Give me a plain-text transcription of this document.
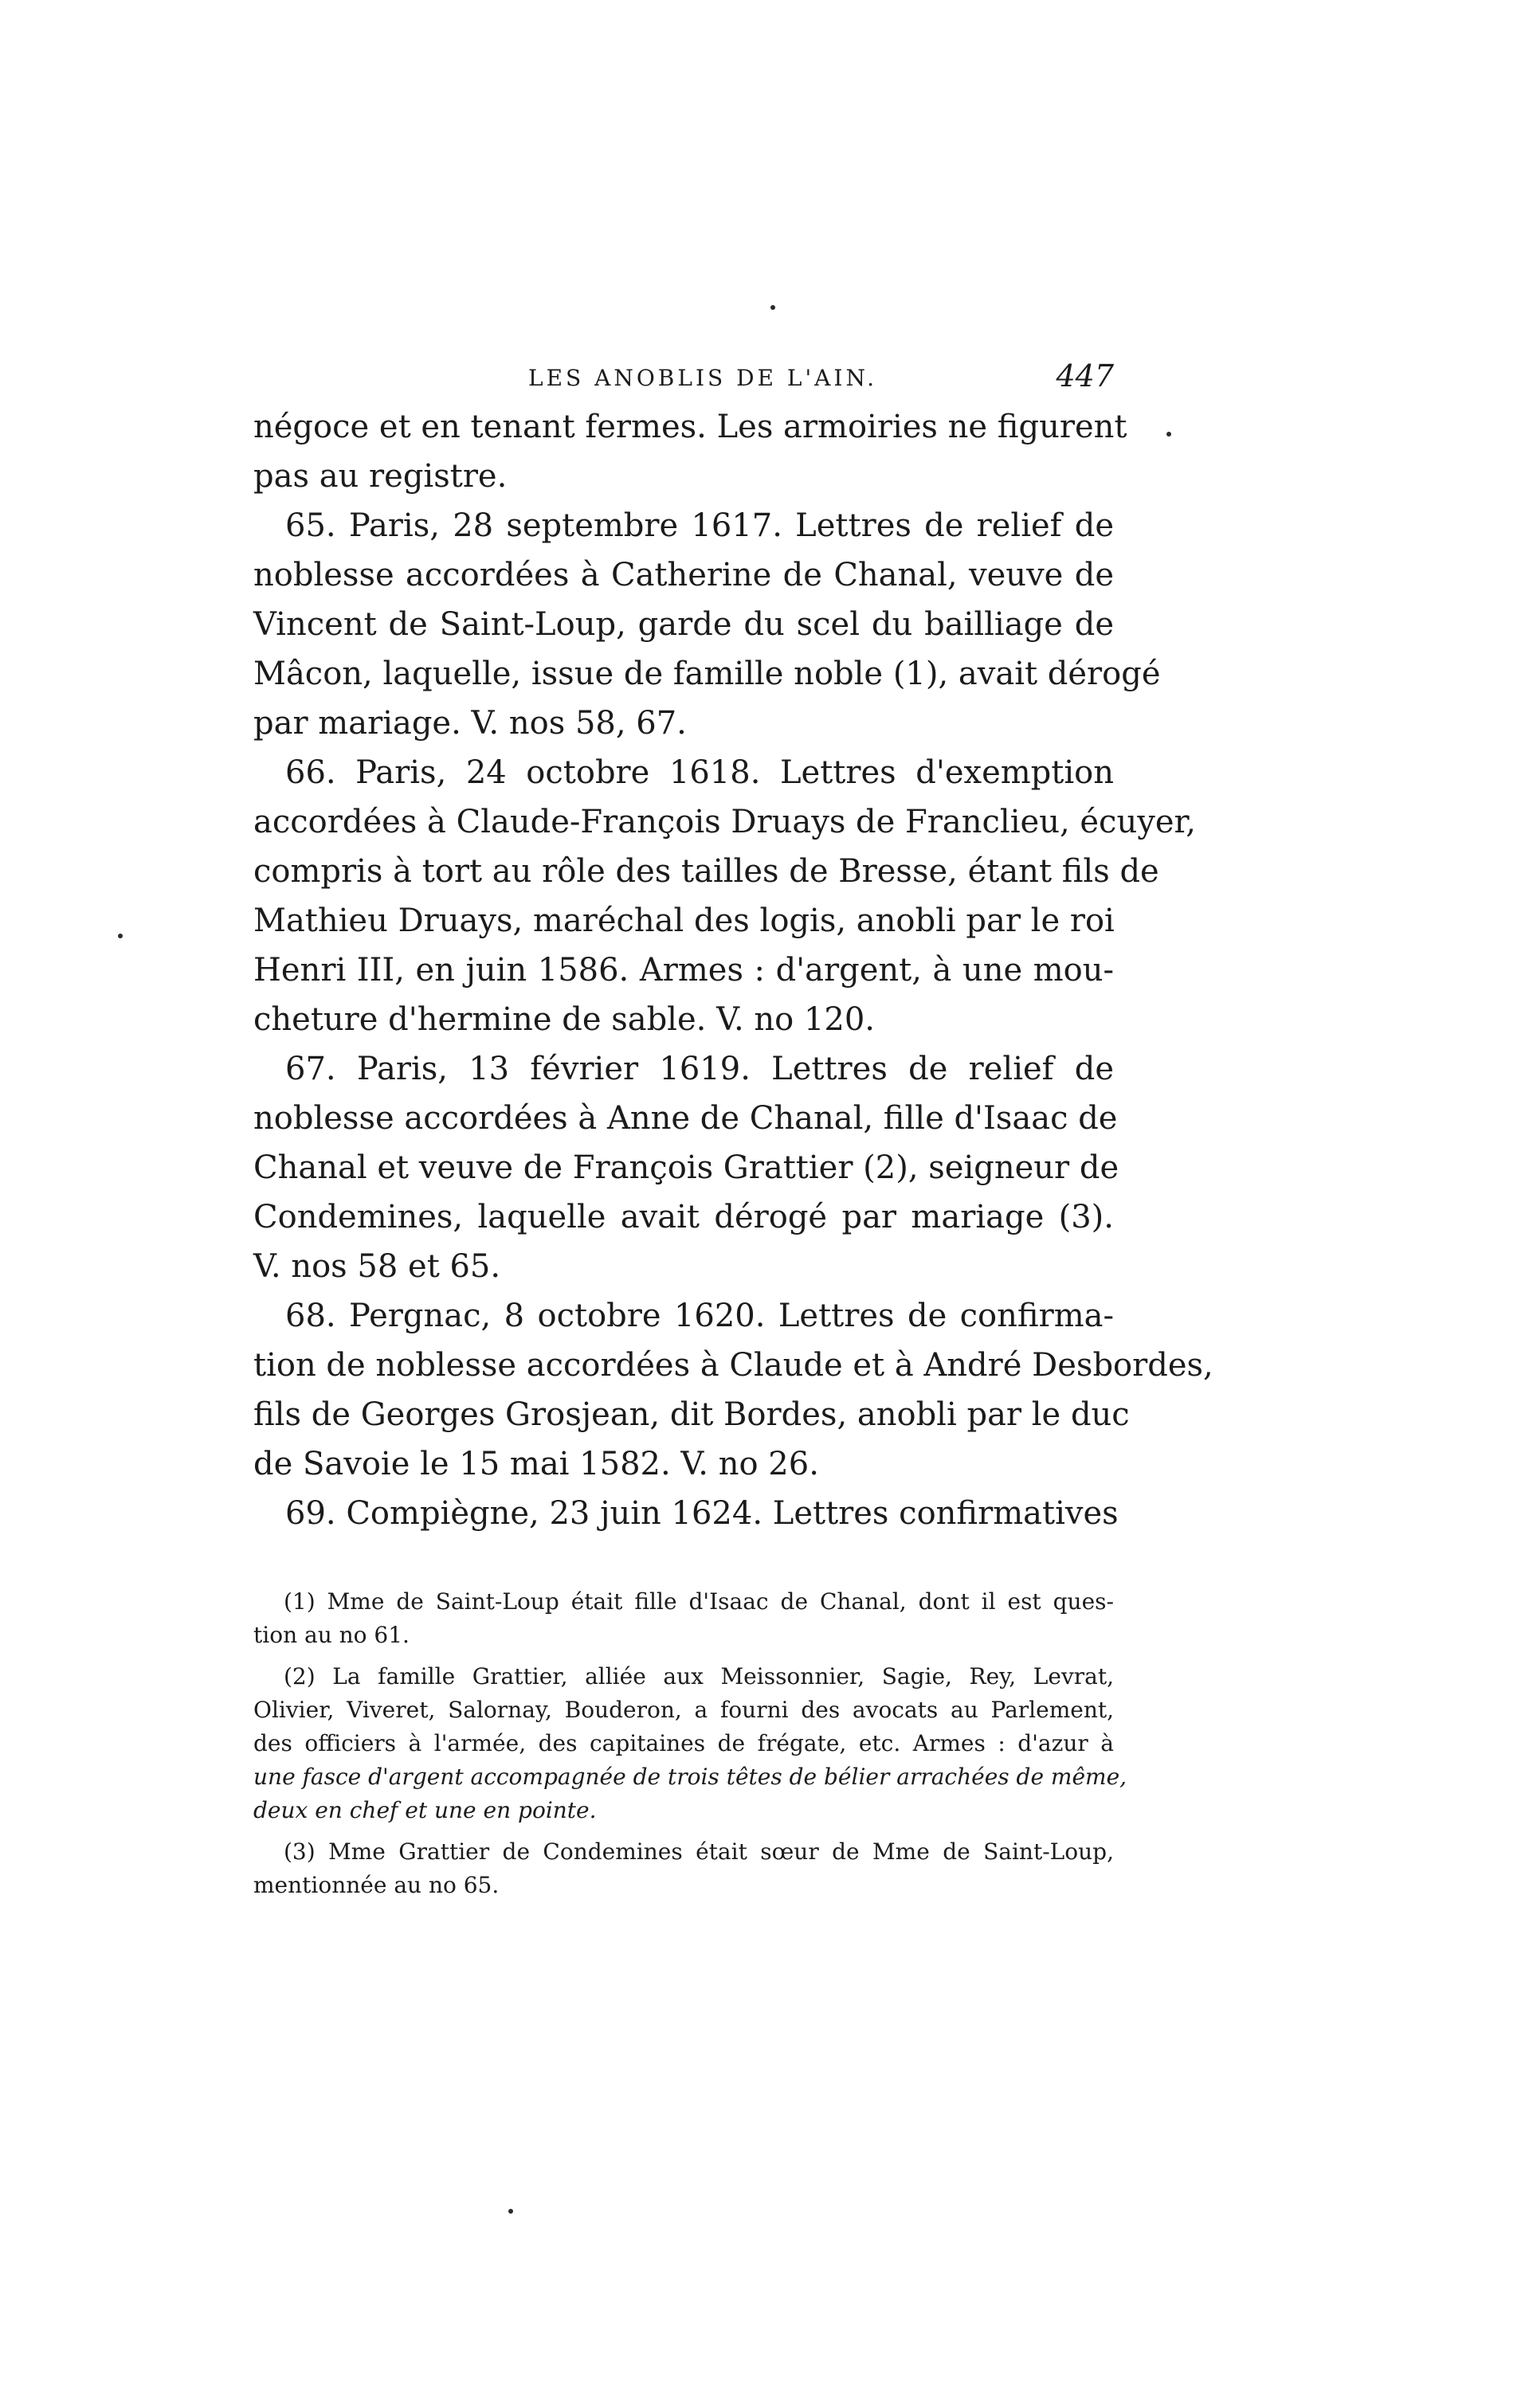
LES ANOBLIS DE L'AIN.	447
négoce et en tenant fermes. Les armoiries ne figurent
pas au registre.
65. Paris, 28 septembre 1617. Lettres de relief de
noblesse accordées à Catherine de Chanal, veuve de
Vincent de Saint-Loup, garde du scel du bailliage de
Mâcon, laquelle, issue de famille noble (1), avait dérogé
par mariage. V. nos 58, 67.
66. Paris, 24 octobre 1618. Lettres d'exemption
accordées à Claude-François Druays de Franclieu, écuyer,
compris à tort au rôle des tailles de Bresse, étant fils de
Mathieu Druays, maréchal des logis, anobli par le roi
Henri III, en juin 1586. Armes : d'argent, à une mou-
cheture d'hermine de sable. V. no 120.
67. Paris, 13 février 1619. Lettres de relief de
noblesse accordées à Anne de Chanal, fille d'Isaac de
Chanal et veuve de François Grattier (2), seigneur de
Condemines, laquelle avait dérogé par mariage (3).
V. nos 58 et 65.
68. Pergnac, 8 octobre 1620. Lettres de confirma-
tion de noblesse accordées à Claude et à André Desbordes,
fils de Georges Grosjean, dit Bordes, anobli par le duc
de Savoie le 15 mai 1582. V. no 26.
69. Compiègne, 23 juin 1624. Lettres confirmatives
(1) Mme de Saint-Loup était fille d'Isaac de Chanal, dont il est ques-
tion au no 61.
(2) La famille Grattier, alliée aux Meissonnier, Sagie, Rey, Levrat,
Olivier, Viveret, Salornay, Bouderon, a fourni des avocats au Parlement,
des officiers à l'armée, des capitaines de frégate, etc. Armes : d'azur à
une fasce d'argent accompagnée de trois têtes de bélier arrachées de même,
deux en chef et une en pointe.
(3) Mme Grattier de Condemines était sœur de Mme de Saint-Loup,
mentionnée au no 65.
